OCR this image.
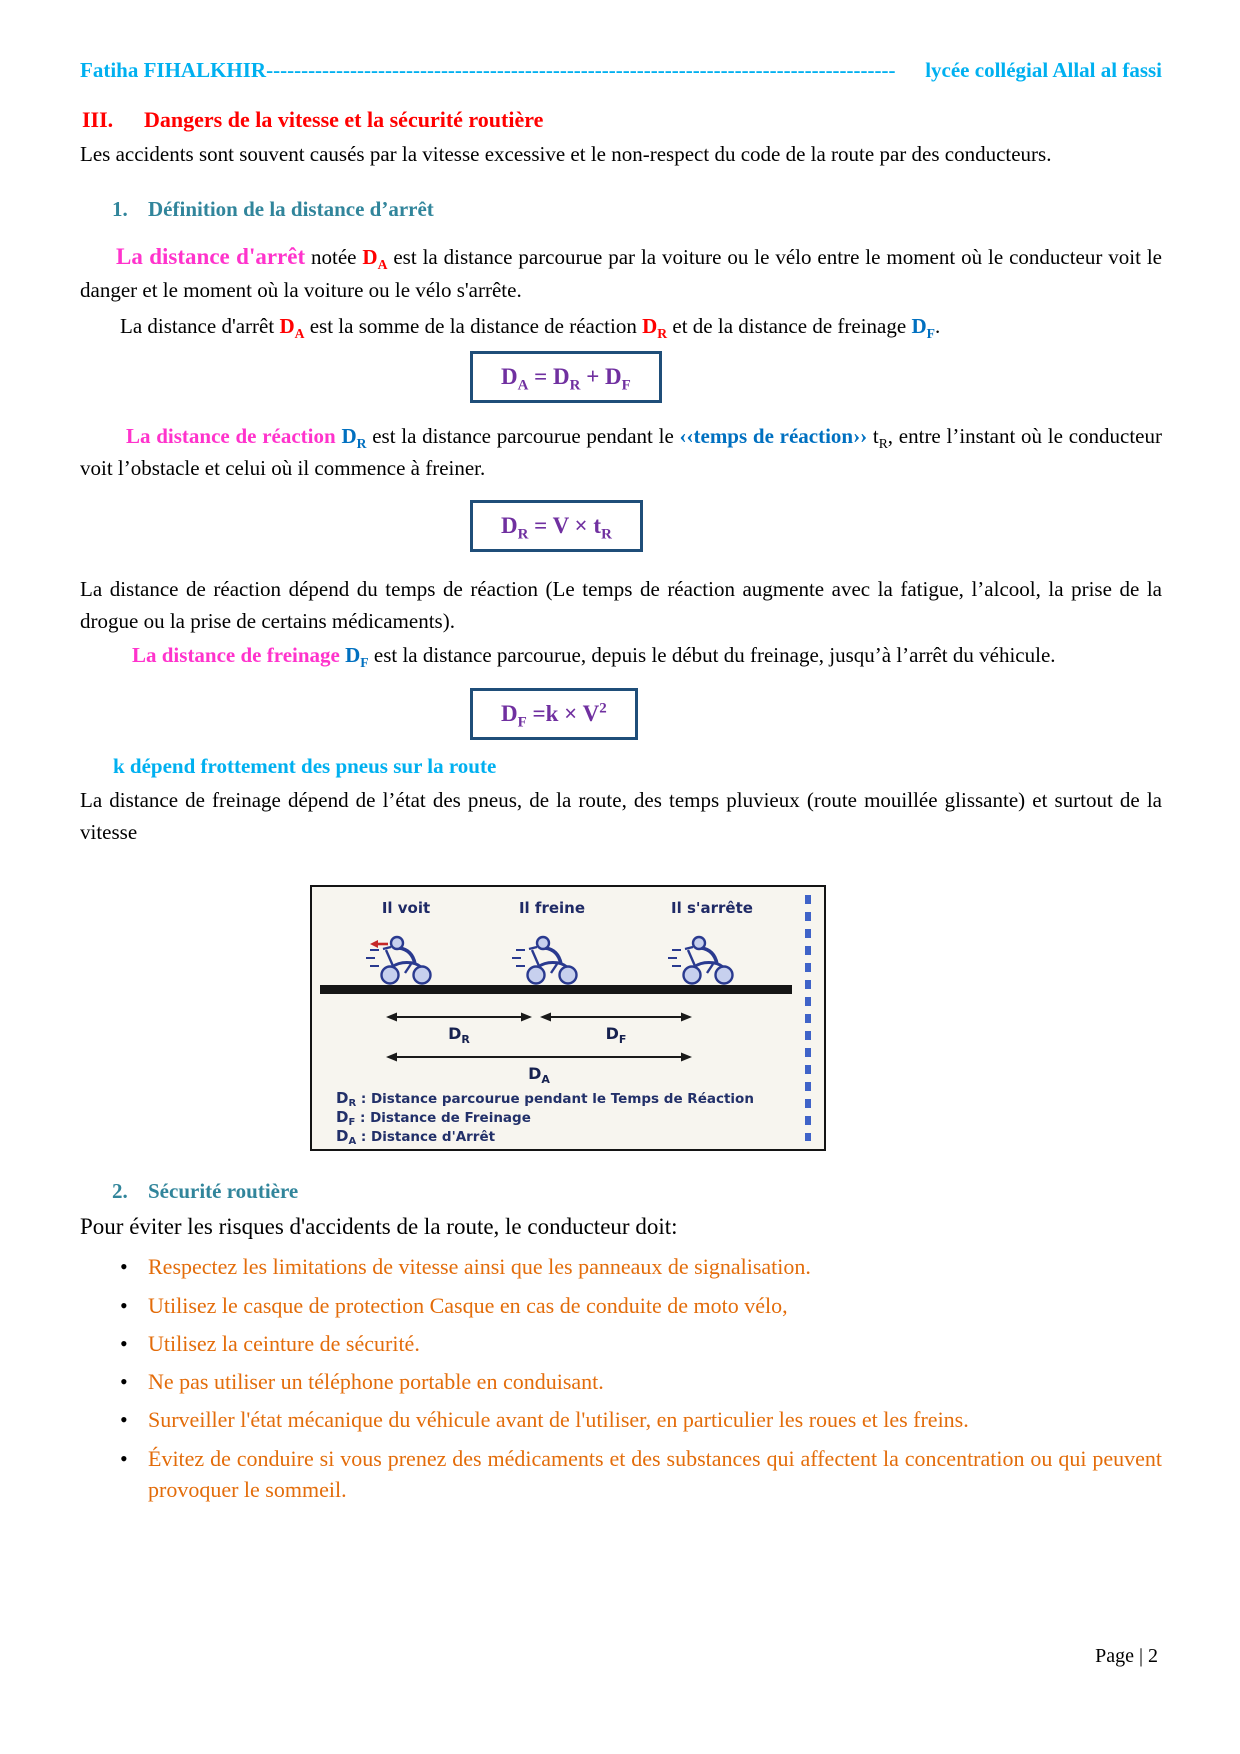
Fatiha FIHALKHIR ------------------------------------------------------------------------------------------	lycée collégial Allal al fassi
III.	Dangers de la vitesse et la sécurité routière

Les accidents sont souvent causés par la vitesse excessive et le non-respect du code de la route par des conducteurs.

1. Définition de la distance d’arrêt

La distance d'arrêt notée $D_A$ est la distance parcourue par la voiture ou le vélo entre le moment où le conducteur voit le danger et le moment où la voiture ou le vélo s'arrête.

La distance d'arrêt $D_A$ est la somme de la distance de réaction $D_R$ et de la distance de freinage $D_F$.

$D_A = D_R + D_F$

La distance de réaction $D_R$ est la distance parcourue pendant le ‹‹temps de réaction›› $t_R$, entre l’instant où le conducteur voit l’obstacle et celui où il commence à freiner.

$D_R = V \times t_R$

La distance de réaction dépend du temps de réaction (Le temps de réaction augmente avec la fatigue, l’alcool, la prise de la drogue ou la prise de certains médicaments).

La distance de freinage $D_F$ est la distance parcourue, depuis le début du freinage, jusqu’à l’arrêt du véhicule.

$D_F =k \times V^2$

k dépend frottement des pneus sur la route

La distance de freinage dépend de l’état des pneus, de la route, des temps pluvieux (route mouillée glissante) et surtout de la vitesse

Il voit	Il freine	Il s'arrête
$D_R$	$D_F$
$D_A$
$D_R$ : Distance parcourue pendant le Temps de Réaction
$D_F$ : Distance de Freinage
$D_A$ : Distance d'Arrêt
2. Sécurité routière

Pour éviter les risques d'accidents de la route, le conducteur doit:

• Respectez les limitations de vitesse ainsi que les panneaux de signalisation.
• Utilisez le casque de protection Casque en cas de conduite de moto vélo,
• Utilisez la ceinture de sécurité.
• Ne pas utiliser un téléphone portable en conduisant.
• Surveiller l'état mécanique du véhicule avant de l'utiliser, en particulier les roues et les freins.
• Évitez de conduire si vous prenez des médicaments et des substances qui affectent la concentration ou qui peuvent provoquer le sommeil.
Page | 2
